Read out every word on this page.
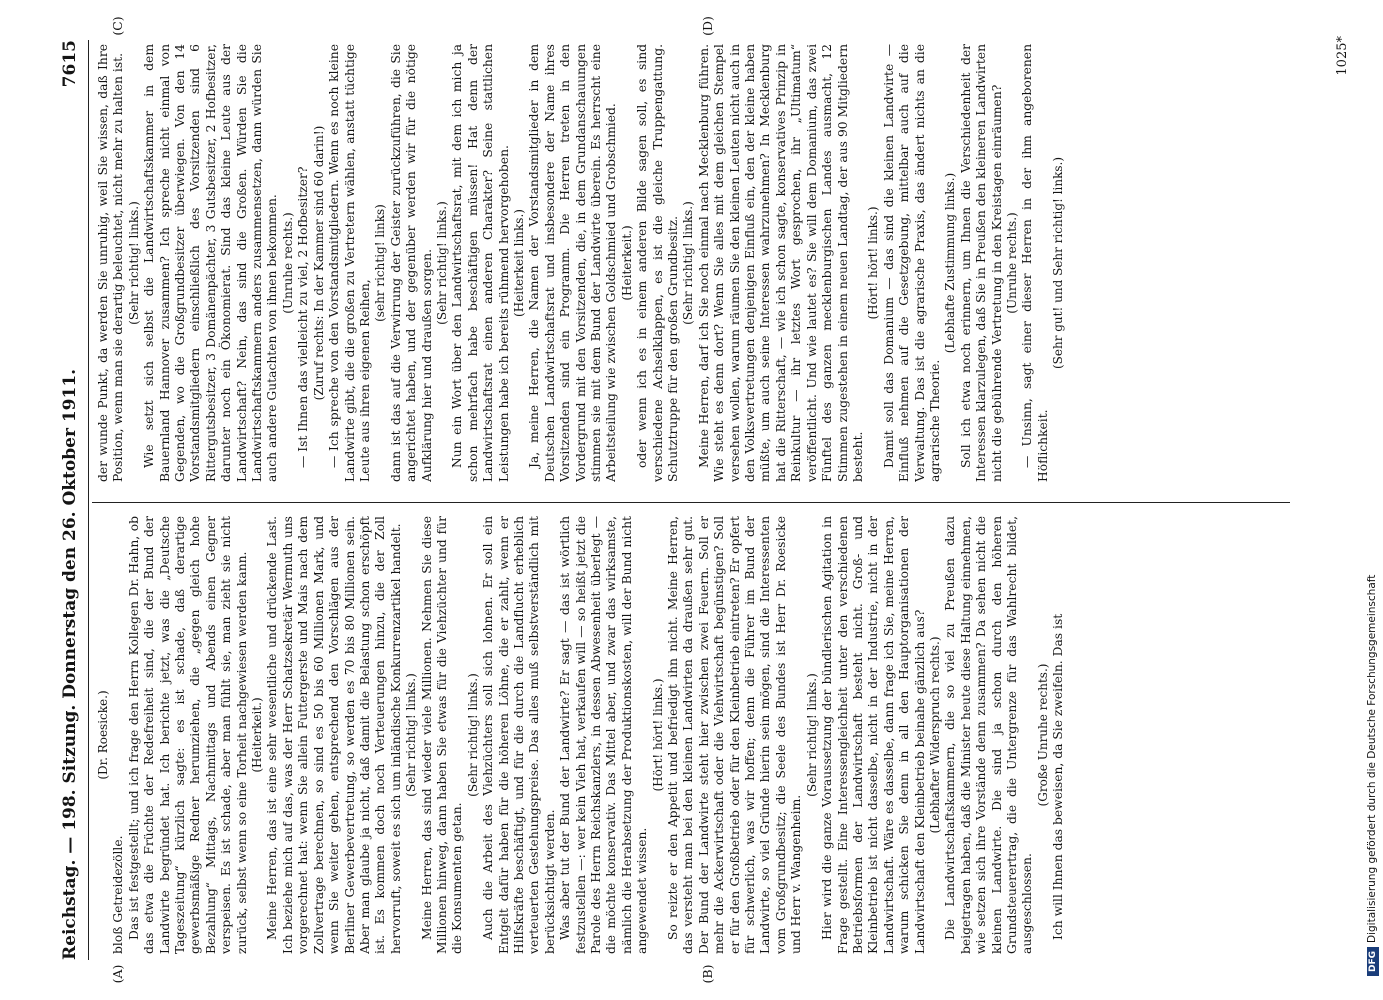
Reichstag. — 198. Sitzung. Donnerstag den 26. Oktober 1911.
7615
(A)	(B)
(C)	(D)

(Dr. Roesicke.)

bloß Getreidezölle. Das ist festgestellt; und ich frage den Herrn Kollegen Dr. Hahn, ob das etwa die Früchte der Redefreiheit sind, die der Bund der Landwirte begründet hat. Ich berichte jetzt, was die „Deutsche Tageszeitung“ kürzlich sagte: es ist schade, daß derartige gewerbsmäßige Redner herumziehen, die „gegen gleich hohe Bezahlung“ Mittags, Nachmittags und Abends einen Gegner verspeisen. Es ist schade, aber man fühlt sie, man zieht sie nicht zurück, selbst wenn so eine Torheit nachgewiesen werden kann. (Heiterkeit.) Meine Herren, das ist eine sehr wesentliche und drückende Last. Ich beziehe mich auf das, was der Herr Schatzsekretär Wermuth uns vorgerechnet hat: wenn Sie allein Futtergerste und Mais nach dem Zollvertrage berechnen, so sind es 50 bis 60 Millionen Mark, und wenn Sie weiter gehen, entsprechend den Vorschlägen aus der Berliner Gewerbevertretung, so werden es 70 bis 80 Millionen sein. Aber man glaube ja nicht, daß damit die Belastung schon erschöpft ist. Es kommen doch noch Verteuerungen hinzu, die der Zoll hervorruft, soweit es sich um inländische Konkurrenzartikel handelt. (Sehr richtig! links.) Meine Herren, das sind wieder viele Millionen. Nehmen Sie diese Millionen hinweg, dann haben Sie etwas für die Viehzüchter und für die Konsumenten getan.

(Sehr richtig! links.) Auch die Arbeit des Viehzüchters soll sich lohnen. Er soll ein Entgelt dafür haben für die höheren Löhne, die er zahlt, wenn er Hilfskräfte beschäftigt, und für die durch die Landflucht erheblich verteuerten Gestehungspreise. Das alles muß selbstverständlich mit berücksichtigt werden. Was aber tut der Bund der Landwirte? Er sagt — das ist wörtlich festzustellen —: wer kein Vieh hat, verkaufen will — so heißt jetzt die Parole des Herrn Reichskanzlers, in dessen Abwesenheit überlegt — die möchte konservativ. Das Mittel aber, und zwar das wirksamste, nämlich die Herabsetzung der Produktionskosten, will der Bund nicht angewendet wissen.

(Hört! hört! links.) So reizte er den Appetit und befriedigt ihn nicht. Meine Herren, das versteht man bei den kleinen Landwirten da draußen sehr gut. Der Bund der Landwirte steht hier zwischen zwei Feuern. Soll er mehr die Ackerwirtschaft oder die Viehwirtschaft begünstigen? Soll er für den Großbetrieb oder für den Kleinbetrieb eintreten? Er opfert für schwerlich, was wir hoffen; denn die Führer im Bund der Landwirte, so viel Gründe hierin sein mögen, sind die Interessenten vom Großgrundbesitz; die Seele des Bundes ist Herr Dr. Roesicke und Herr v. Wangenheim.

(Sehr richtig! links.) Hier wird die ganze Voraussetzung der bündlerischen Agitation in Frage gestellt. Eine Interessengleichheit unter den verschiedenen Betriebsformen der Landwirtschaft besteht nicht. Groß- und Kleinbetrieb ist nicht dasselbe, nicht in der Industrie, nicht in der Landwirtschaft. Wäre es dasselbe, dann frage ich Sie, meine Herren, warum schicken Sie denn in all den Hauptorganisationen der Landwirtschaft den Kleinbetrieb beinahe gänzlich aus? (Lebhafter Widerspruch rechts.) Die Landwirtschaftskammern, die so viel zu Preußen dazu beigetragen haben, daß die Minister heute diese Haltung einnehmen, wie setzen sich ihre Vorstände denn zusammen? Da sehen nicht die kleinen Landwirte. Die sind ja schon durch den höheren Grundsteuerertrag, die die Untergrenze für das Wahlrecht bildet, ausgeschlossen.

(Große Unruhe rechts.) Ich will Ihnen das beweisen, da Sie zweifeln. Das ist

der wunde Punkt, da werden Sie unruhig, weil Sie wissen, daß Ihre Position, wenn man sie derartig beleuchtet, nicht mehr zu halten ist. (Sehr richtig! links.) Wie setzt sich selbst die Landwirtschaftskammer in dem Bauernland Hannover zusammen? Ich spreche nicht einmal von Gegenden, wo die Großgrundbesitzer überwiegen. Von den 14 Vorstandsmitgliedern einschließlich des Vorsitzenden sind 6 Rittergutsbesitzer, 3 Domänenpächter, 3 Gutsbesitzer, 2 Hofbesitzer, darunter noch ein Ökonomierat. Sind das kleine Leute aus der Landwirtschaft? Nein, das sind die Großen. Würden Sie die Landwirtschaftskammern anders zusammensetzen, dann würden Sie auch andere Gutachten von ihnen bekommen. (Unruhe rechts.) — Ist Ihnen das vielleicht zu viel, 2 Hofbesitzer? (Zuruf rechts: In der Kammer sind 60 darin!) — Ich spreche von den Vorstandsmitgliedern. Wenn es noch kleine Landwirte gibt, die die großen zu Vertretern wählen, anstatt tüchtige Leute aus ihren eigenen Reihen,

(sehr richtig! links) dann ist das auf die Verwirrung der Geister zurückzuführen, die Sie angerichtet haben, und der gegenüber werden wir für die nötige Aufklärung hier und draußen sorgen. (Sehr richtig! links.) Nun ein Wort über den Landwirtschaftsrat, mit dem ich mich ja schon mehrfach habe beschäftigen müssen! Hat denn der Landwirtschaftsrat einen anderen Charakter? Seine stattlichen Leistungen habe ich bereits rühmend hervorgehoben. (Heiterkeit links.) Ja, meine Herren, die Namen der Vorstandsmitglieder in dem Deutschen Landwirtschaftsrat und insbesondere der Name ihres Vorsitzenden sind ein Programm. Die Herren treten in den Vordergrund mit den Vorsitzenden, die, in dem Grundanschauungen stimmen sie mit dem Bund der Landwirte überein. Es herrscht eine Arbeitsteilung wie zwischen Goldschmied und Grobschmied. (Heiterkeit.) oder wenn ich es in einem anderen Bilde sagen soll, es sind verschiedene Achselklappen, es ist die gleiche Truppengattung. Schutztruppe für den großen Grundbesitz. (Sehr richtig! links.) Meine Herren, darf ich Sie noch einmal nach Mecklenburg führen. Wie steht es denn dort? Wenn Sie alles mit dem gleichen Stempel versehen wollen, warum räumen Sie den kleinen Leuten nicht auch in den Volksvertretungen denjenigen Einfluß ein, den der kleine haben müßte, um auch seine Interessen wahrzunehmen? In Mecklenburg hat die Ritterschaft, — wie ich schon sagte, konservatives Prinzip in Reinkultur — ihr letztes Wort gesprochen, ihr „Ultimatum“ veröffentlicht. Und wie lautet es? Sie will dem Domanium, das zwei Fünftel des ganzen mecklenburgischen Landes ausmacht, 12 Stimmen zugestehen in einem neuen Landtag, der aus 90 Mitgliedern besteht.

(Hört! hört! links.) Damit soll das Domanium — das sind die kleinen Landwirte — Einfluß nehmen auf die Gesetzgebung, mittelbar auch auf die Verwaltung. Das ist die agrarische Praxis, das ändert nichts an die agrarische Theorie.

(Lebhafte Zustimmung links.) Soll ich etwa noch erinnern, um Ihnen die Verschiedenheit der Interessen klarzulegen, daß Sie in Preußen den kleineren Landwirten nicht die gebührende Vertretung in den Kreistagen einräumen? (Unruhe rechts.) — Unsinn, sagt einer dieser Herren in der ihm angeborenen Höflichkeit.

(Sehr gut! und Sehr richtig! links.)

1025*
DFGDigitalisierung gefördert durch die Deutsche Forschungsgemeinschaft
